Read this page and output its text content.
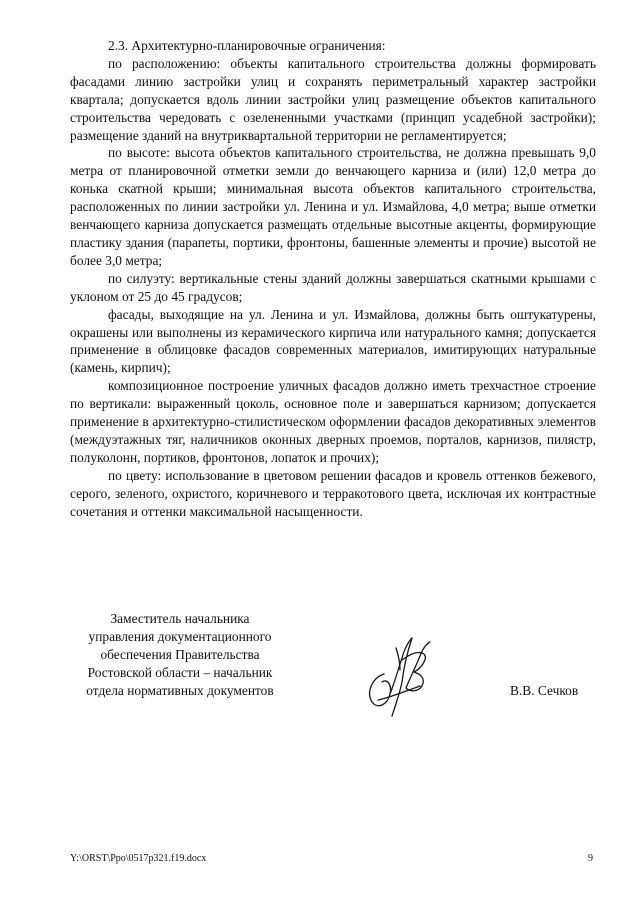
2.3. Архитектурно-планировочные ограничения:

по расположению: объекты капитального строительства должны формировать фасадами линию застройки улиц и сохранять периметральный характер застройки квартала; допускается вдоль линии застройки улиц размещение объектов капитального строительства чередовать с озелененными участками (принцип усадебной застройки); размещение зданий на внутриквартальной территории не регламентируется;

по высоте: высота объектов капитального строительства, не должна превышать 9,0 метра от планировочной отметки земли до венчающего карниза и (или) 12,0 метра до конька скатной крыши; минимальная высота объектов капитального строительства, расположенных по линии застройки ул. Ленина и ул. Измайлова, 4,0 метра; выше отметки венчающего карниза допускается размещать отдельные высотные акценты, формирующие пластику здания (парапеты, портики, фронтоны, башенные элементы и прочие) высотой не более 3,0 метра;

по силуэту: вертикальные стены зданий должны завершаться скатными крышами с уклоном от 25 до 45 градусов;

фасады, выходящие на ул. Ленина и ул. Измайлова, должны быть оштукатурены, окрашены или выполнены из керамического кирпича или натурального камня; допускается применение в облицовке фасадов современных материалов, имитирующих натуральные (камень, кирпич);

композиционное построение уличных фасадов должно иметь трехчастное строение по вертикали: выраженный цоколь, основное поле и завершаться карнизом; допускается применение в архитектурно-стилистическом оформлении фасадов декоративных элементов (междуэтажных тяг, наличников оконных дверных проемов, порталов, карнизов, пилястр, полуколонн, портиков, фронтонов, лопаток и прочих);

по цвету: использование в цветовом решении фасадов и кровель оттенков бежевого, серого, зеленого, охристого, коричневого и терракотового цвета, исключая их контрастные сочетания и оттенки максимальной насыщенности.

Заместитель начальника
управления документационного
обеспечения Правительства
Ростовской области – начальник
отдела нормативных документов	В.В. Сечков
Y:\ORST\Ppo\0517p321.f19.docx	9
